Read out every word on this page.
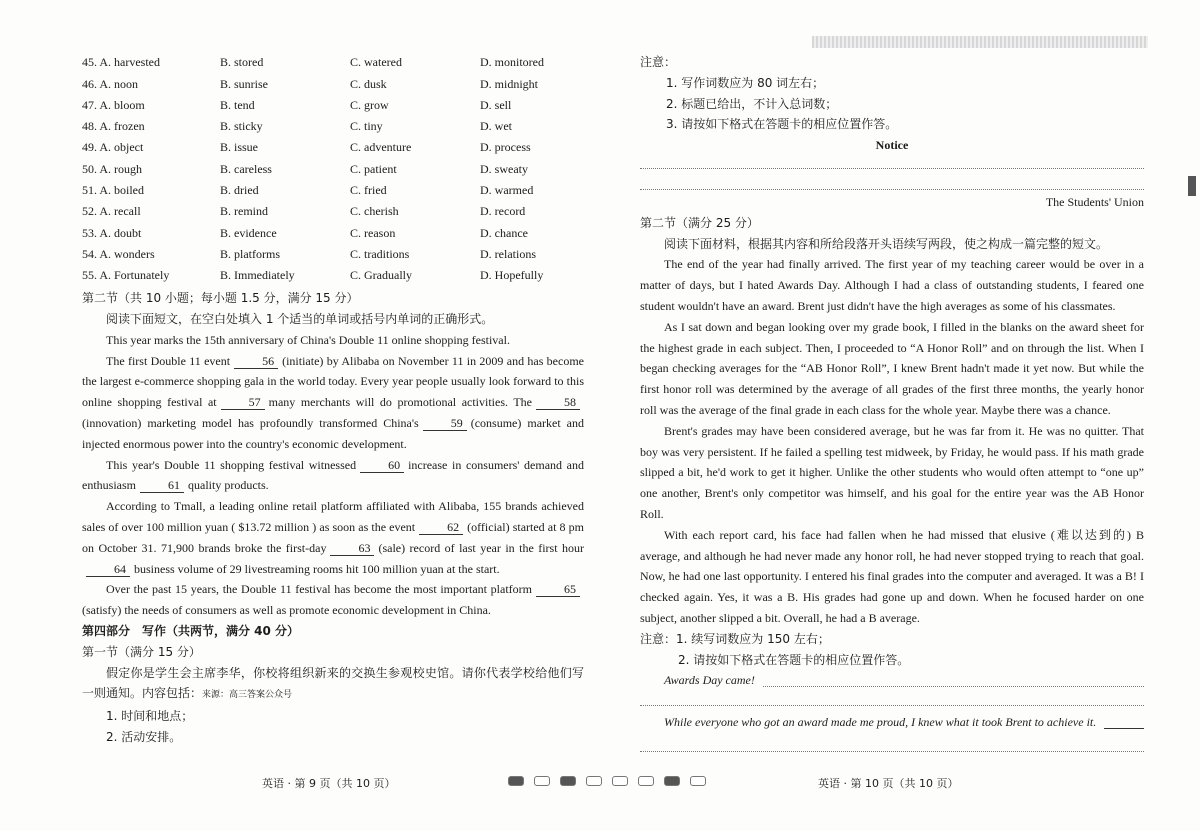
45. A. harvested	B. stored	C. watered	D. monitored
46. A. noon	B. sunrise	C. dusk	D. midnight
47. A. bloom	B. tend	C. grow	D. sell
48. A. frozen	B. sticky	C. tiny	D. wet
49. A. object	B. issue	C. adventure	D. process
50. A. rough	B. careless	C. patient	D. sweaty
51. A. boiled	B. dried	C. fried	D. warmed
52. A. recall	B. remind	C. cherish	D. record
53. A. doubt	B. evidence	C. reason	D. chance
54. A. wonders	B. platforms	C. traditions	D. relations
55. A. Fortunately	B. Immediately	C. Gradually	D. Hopefully
第二节（共 10 小题；每小题 1.5 分，满分 15 分）

阅读下面短文，在空白处填入 1 个适当的单词或括号内单词的正确形式。

This year marks the 15th anniversary of China's Double 11 online shopping festival.

The first Double 11 event	56 (initiate) by Alibaba on November 11 in 2009 and has become the largest e-commerce shopping gala in the world today. Every year people usually look forward to this online shopping festival at	57 many merchants will do promotional activities. The	58(innovation) marketing model has profoundly transformed China's	59 (consume) market and injected enormous power into the country's economic development.

This year's Double 11 shopping festival witnessed	60 increase in consumers' demand and enthusiasm	61 quality products.

According to Tmall, a leading online retail platform affiliated with Alibaba, 155 brands achieved sales of over 100 million yuan ( $13.72 million ) as soon as the event	62 (official) started at 8 pm on October 31. 71,900 brands broke the first-day	63 (sale) record of last year in the first hour64 business volume of 29 livestreaming rooms hit 100 million yuan at the start.

Over the past 15 years, the Double 11 festival has become the most important platform	65(satisfy) the needs of consumers as well as promote economic development in China.

第四部分　写作（共两节，满分 40 分）
第一节（满分 15 分）

假定你是学生会主席李华，你校将组织新来的交换生参观校史馆。请你代表学校给他们写一则通知。内容包括：来源：高三答案公众号

1. 时间和地点；
2. 活动安排。
注意：
1. 写作词数应为 80 词左右；
2. 标题已给出，不计入总词数；
3. 请按如下格式在答题卡的相应位置作答。
Notice
The Students' Union
第二节（满分 25 分）

阅读下面材料，根据其内容和所给段落开头语续写两段，使之构成一篇完整的短文。

The end of the year had finally arrived. The first year of my teaching career would be over in a matter of days, but I hated Awards Day. Although I had a class of outstanding students, I feared one student wouldn't have an award. Brent just didn't have the high averages as some of his classmates.

As I sat down and began looking over my grade book, I filled in the blanks on the award sheet for the highest grade in each subject. Then, I proceeded to “A Honor Roll” and on through the list. When I began checking averages for the “AB Honor Roll”, I knew Brent hadn't made it yet now. But while the first honor roll was determined by the average of all grades of the first three months, the yearly honor roll was the average of the final grade in each class for the whole year. Maybe there was a chance.

Brent's grades may have been considered average, but he was far from it. He was no quitter. That boy was very persistent. If he failed a spelling test midweek, by Friday, he would pass. If his math grade slipped a bit, he'd work to get it higher. Unlike the other students who would often attempt to “one up” one another, Brent's only competitor was himself, and his goal for the entire year was the AB Honor Roll.

With each report card, his face had fallen when he had missed that elusive (难以达到的) B average, and although he had never made any honor roll, he had never stopped trying to reach that goal. Now, he had one last opportunity. I entered his final grades into the computer and averaged. It was a B! I checked again. Yes, it was a B. His grades had gone up and down. When he focused harder on one subject, another slipped a bit. Overall, he had a B average.

注意：1. 续写词数应为 150 左右；
2. 请按如下格式在答题卡的相应位置作答。
Awards Day came!
While everyone who got an award made me proud, I knew what it took Brent to achieve it.
英语 · 第 9 页（共 10 页）	英语 · 第 10 页（共 10 页）
